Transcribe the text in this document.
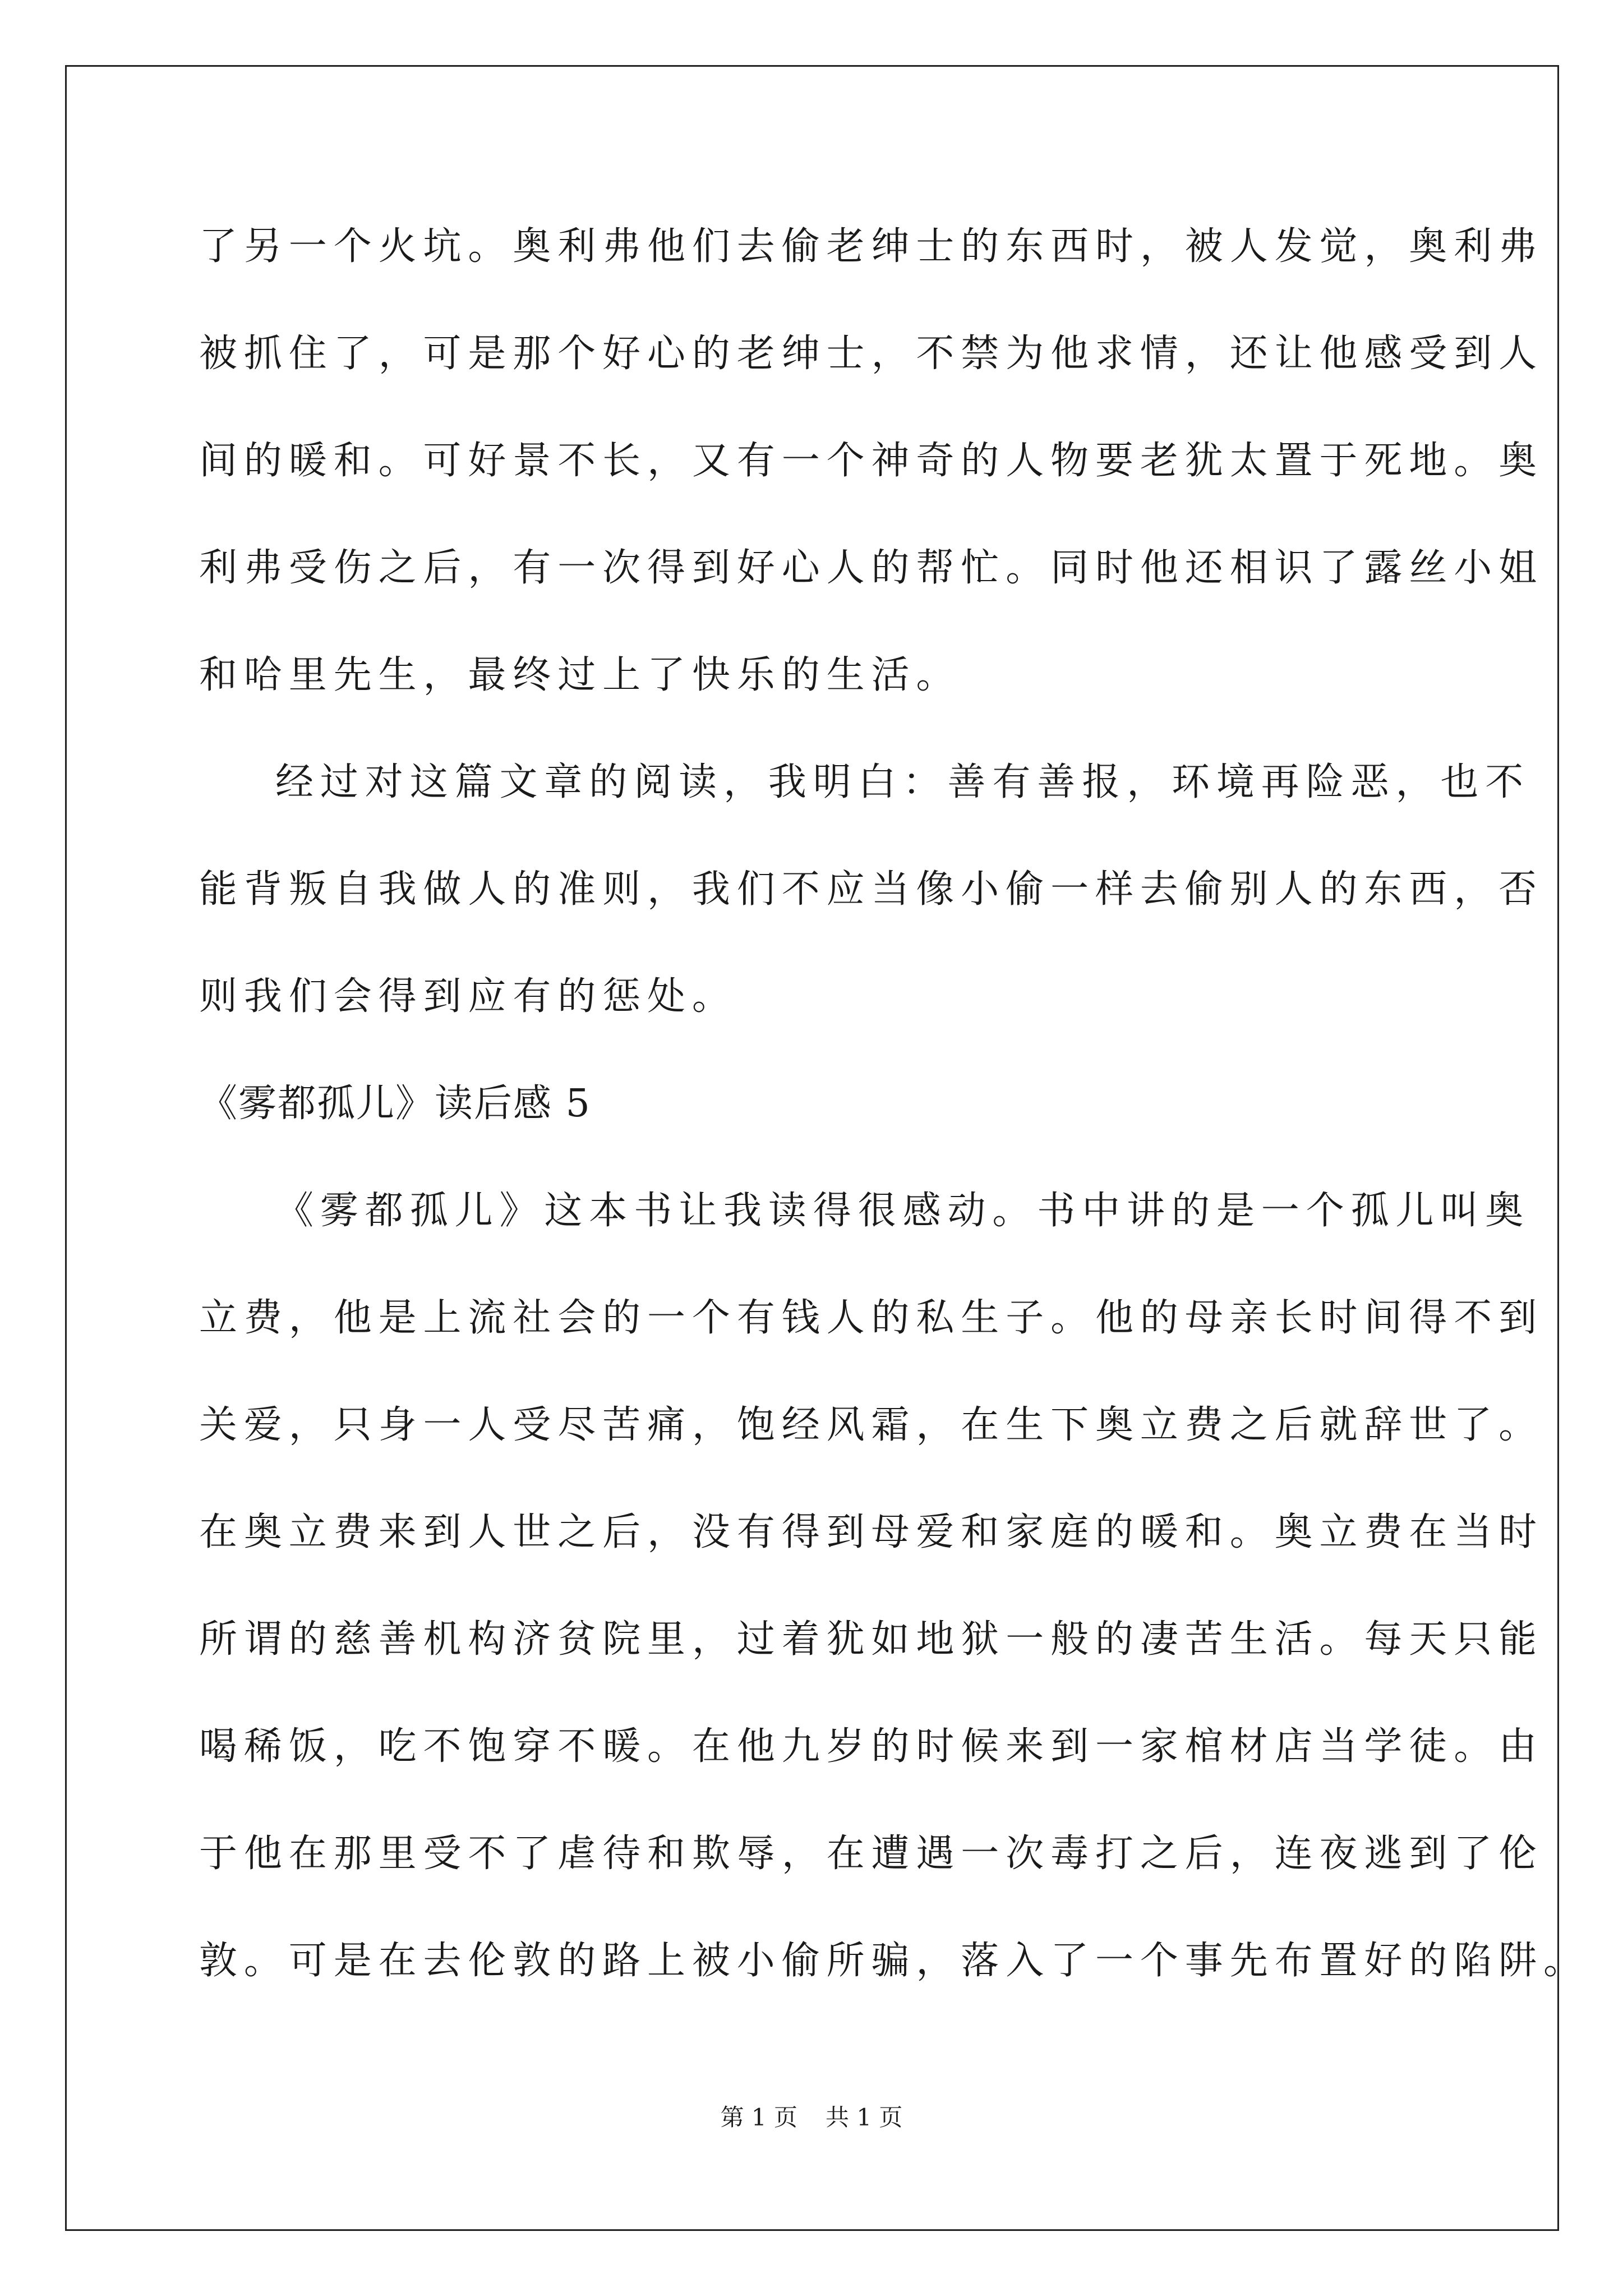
了另一个火坑。奥利弗他们去偷老绅士的东西时，被人发觉，奥利弗
被抓住了，可是那个好心的老绅士，不禁为他求情，还让他感受到人
间的暖和。可好景不长，又有一个神奇的人物要老犹太置于死地。奥
利弗受伤之后，有一次得到好心人的帮忙。同时他还相识了露丝小姐
和哈里先生，最终过上了快乐的生活。
经过对这篇文章的阅读，我明白：善有善报，环境再险恶，也不
能背叛自我做人的准则，我们不应当像小偷一样去偷别人的东西，否
则我们会得到应有的惩处。
《雾都孤儿》读后感 5
《雾都孤儿》这本书让我读得很感动。书中讲的是一个孤儿叫奥
立费，他是上流社会的一个有钱人的私生子。他的母亲长时间得不到
关爱，只身一人受尽苦痛，饱经风霜，在生下奥立费之后就辞世了。
在奥立费来到人世之后，没有得到母爱和家庭的暖和。奥立费在当时
所谓的慈善机构济贫院里，过着犹如地狱一般的凄苦生活。每天只能
喝稀饭，吃不饱穿不暖。在他九岁的时候来到一家棺材店当学徒。由
于他在那里受不了虐待和欺辱，在遭遇一次毒打之后，连夜逃到了伦
敦。可是在去伦敦的路上被小偷所骗，落入了一个事先布置好的陷阱。
第 1 页 共 1 页
